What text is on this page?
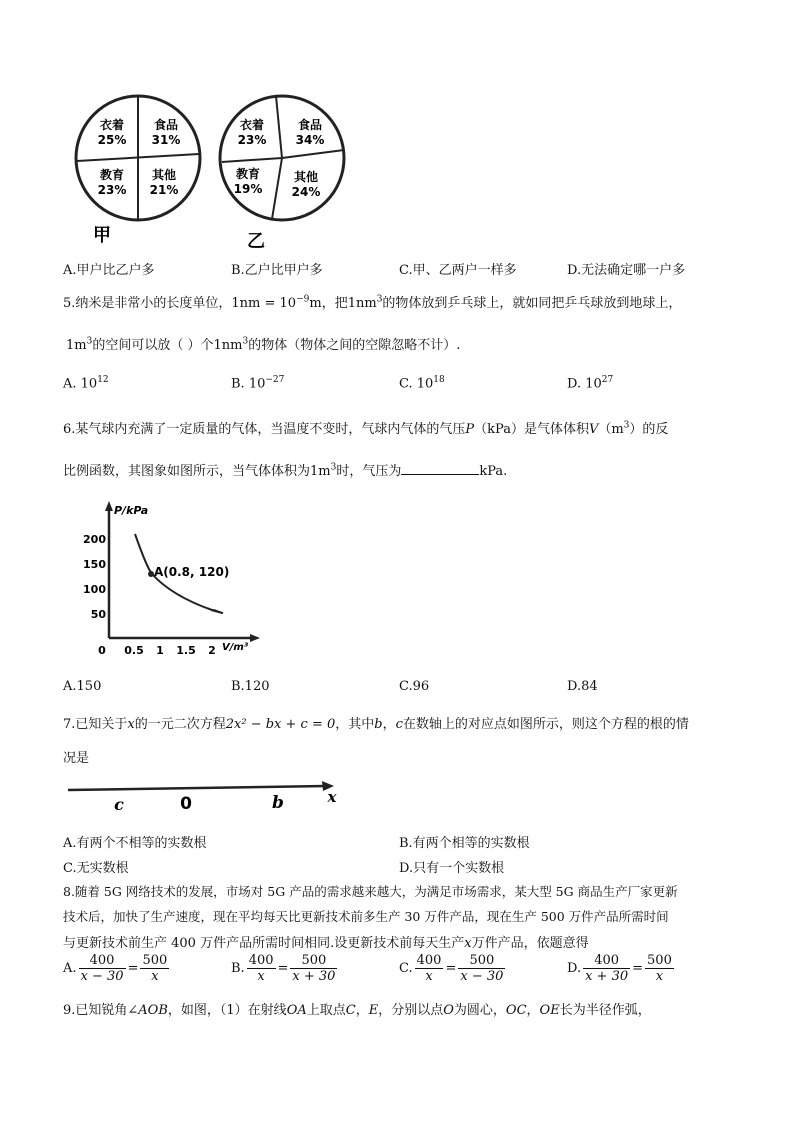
衣着
25%
食品
31%
教育
23%
其他
21%
甲
衣着
23%
食品
34%
教育
19%
其他
24%
乙
A.甲户比乙户多	B.乙户比甲户多	C.甲、乙两户一样多	D.无法确定哪一户多
5.纳米是非常小的长度单位，$1nm = 10^{-9}m$，把$1nm^3$的物体放到乒乓球上，就如同把乒乓球放到地球上，
$1m^3$的空间可以放（ ）个$1nm^3$的物体（物体之间的空隙忽略不计）.
A. $10^{12}$	B. $10^{-27}$	C. $10^{18}$	D. $10^{27}$
6.某气球内充满了一定质量的气体，当温度不变时，气球内气体的气压P（kPa）是气体体积$V(m^3)$的反
比例函数，其图象如图所示，当气体体积为$1m^3$时，气压为	kPa.
P/kPa
A(0.8, 120)
200
150
100
50
0 0.5 1 1.5 2 V/m³
A.150	B.120	C.96	D.84
7.已知关于x的一元二次方程2x² − bx + c = 0，其中b，c在数轴上的对应点如图所示，则这个方程的根的情
况是
c	0	b	x
A.有两个不相等的实数根	B.有两个相等的实数根
C.无实数根	D.只有一个实数根
8.随着 5G 网络技术的发展，市场对 5G 产品的需求越来越大，为满足市场需求，某大型 5G 商品生产厂家更新
技术后，加快了生产速度，现在平均每天比更新技术前多生产 30 万件产品，现在生产 500 万件产品所需时间
与更新技术前生产 400 万件产品所需时间相同.设更新技术前每天生产x万件产品，依题意得
A. $\frac{400}{x - 30} = \frac{500}{x}$	B. $\frac{400}{x} = \frac{500}{x + 30}$	C. $\frac{400}{x} = \frac{500}{x - 30}$	D. $\frac{400}{x + 30} = \frac{500}{x}$
9.已知锐角∠AOB，如图，（1）在射线OA上取点C，E，分别以点O为圆心，OC，OE长为半径作弧，
